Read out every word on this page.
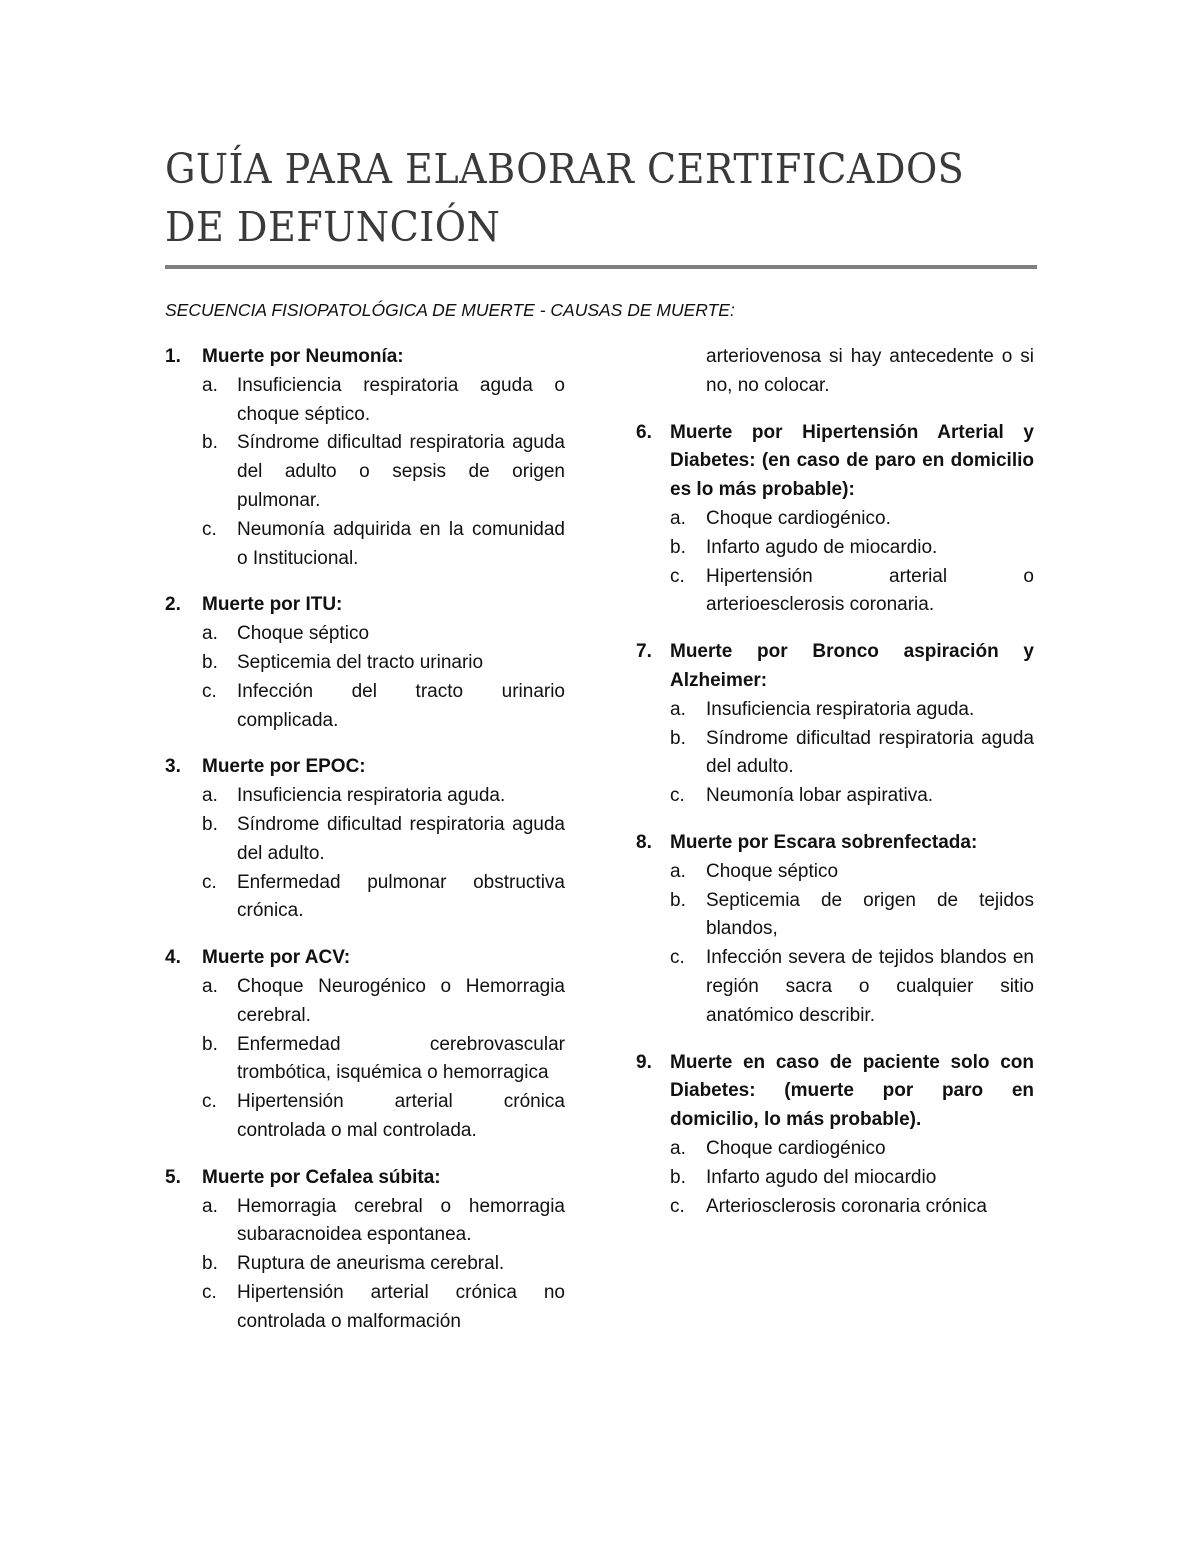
GUÍA PARA ELABORAR CERTIFICADOS DE DEFUNCIÓN
SECUENCIA FISIOPATOLÓGICA DE MUERTE - CAUSAS DE MUERTE:
1.	Muerte por Neumonía:
a.	Insuficiencia respiratoria aguda o choque séptico.
b.	Síndrome dificultad respiratoria aguda del adulto o sepsis de origen pulmonar.
c.	Neumonía adquirida en la comunidad o Institucional.
2.	Muerte por ITU:
a.	Choque séptico
b.	Septicemia del tracto urinario
c.	Infección del tracto urinario complicada.
3.	Muerte por EPOC:
a.	Insuficiencia respiratoria aguda.
b.	Síndrome dificultad respiratoria aguda del adulto.
c.	Enfermedad pulmonar obstructiva crónica.
4.	Muerte por ACV:
a.	Choque Neurogénico o Hemorragia cerebral.
b.	Enfermedad cerebrovascular trombótica, isquémica o hemorragica
c.	Hipertensión arterial crónica controlada o mal controlada.
5.	Muerte por Cefalea súbita:
a.	Hemorragia cerebral o hemorragia subaracnoidea espontanea.
b.	Ruptura de aneurisma cerebral.
c.	Hipertensión arterial crónica no controlada o malformación
arteriovenosa si hay antecedente o si no, no colocar.
6. Muerte por Hipertensión Arterial y Diabetes: (en caso de paro en domicilio es lo más probable):
a.	Choque cardiogénico.
b.	Infarto agudo de miocardio.
c.	Hipertensión arterial o arterioesclerosis coronaria.
7. Muerte por Bronco aspiración y Alzheimer:
a.	Insuficiencia respiratoria aguda.
b.	Síndrome dificultad respiratoria aguda del adulto.
c.	Neumonía lobar aspirativa.
8. Muerte por Escara sobrenfectada:
a.	Choque séptico
b.	Septicemia de origen de tejidos blandos,
c.	Infección severa de tejidos blandos en región sacra o cualquier sitio anatómico describir.
9. Muerte en caso de paciente solo con Diabetes: (muerte por paro en domicilio, lo más probable).
a.	Choque cardiogénico
b.	Infarto agudo del miocardio
c.	Arteriosclerosis coronaria crónica
